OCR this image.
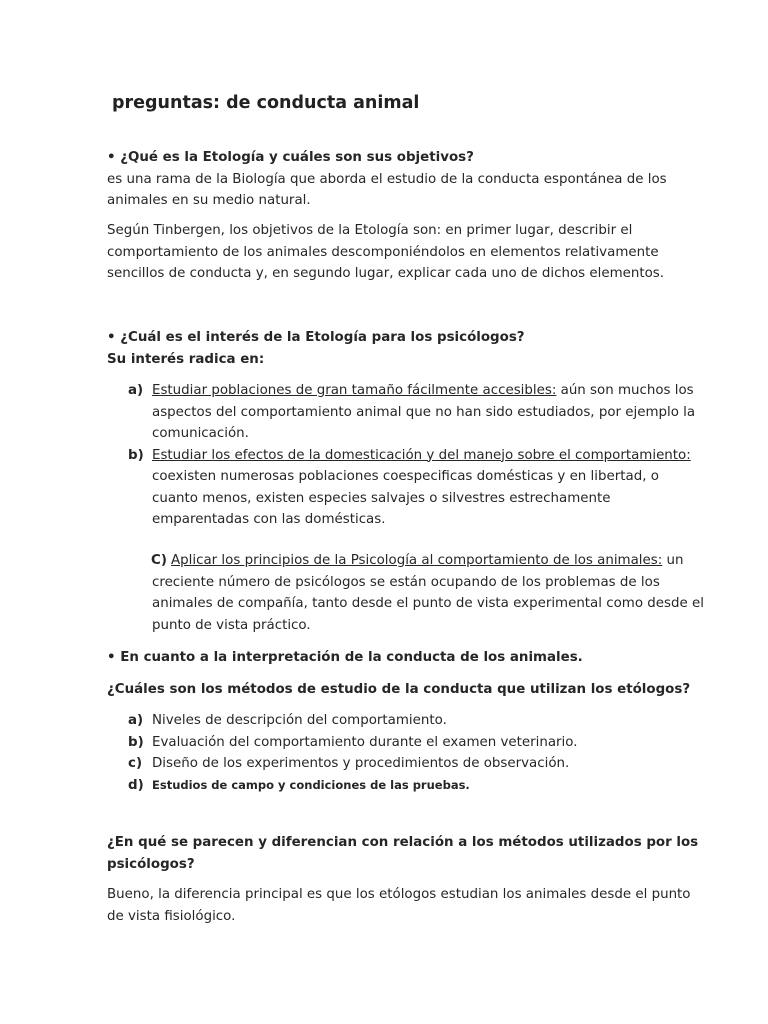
preguntas: de conducta animal

• ¿Qué es la Etología y cuáles son sus objetivos?

es una rama de la Biología que aborda el estudio de la conducta espontánea de los animales en su medio natural.

Según Tinbergen, los objetivos de la Etología son: en primer lugar, describir el comportamiento de los animales descomponiéndolos en elementos relativamente sencillos de conducta y, en segundo lugar, explicar cada uno de dichos elementos.

• ¿Cuál es el interés de la Etología para los psicólogos?

Su interés radica en:

a) Estudiar poblaciones de gran tamaño fácilmente accesibles: aún son muchos los aspectos del comportamiento animal que no han sido estudiados, por ejemplo la comunicación.
b) Estudiar los efectos de la domesticación y del manejo sobre el comportamiento: coexisten numerosas poblaciones coespecificas domésticas y en libertad, o cuanto menos, existen especies salvajes o silvestres estrechamente emparentadas con las domésticas.
C) Aplicar los principios de la Psicología al comportamiento de los animales: un creciente número de psicólogos se están ocupando de los problemas de los animales de compañía, tanto desde el punto de vista experimental como desde el punto de vista práctico.

• En cuanto a la interpretación de la conducta de los animales.

¿Cuáles son los métodos de estudio de la conducta que utilizan los etólogos?

a) Niveles de descripción del comportamiento.
b) Evaluación del comportamiento durante el examen veterinario.
c) Diseño de los experimentos y procedimientos de observación.
d) Estudios de campo y condiciones de las pruebas.

¿En qué se parecen y diferencian con relación a los métodos utilizados por los psicólogos?

Bueno, la diferencia principal es que los etólogos estudian los animales desde el punto de vista fisiológico.
